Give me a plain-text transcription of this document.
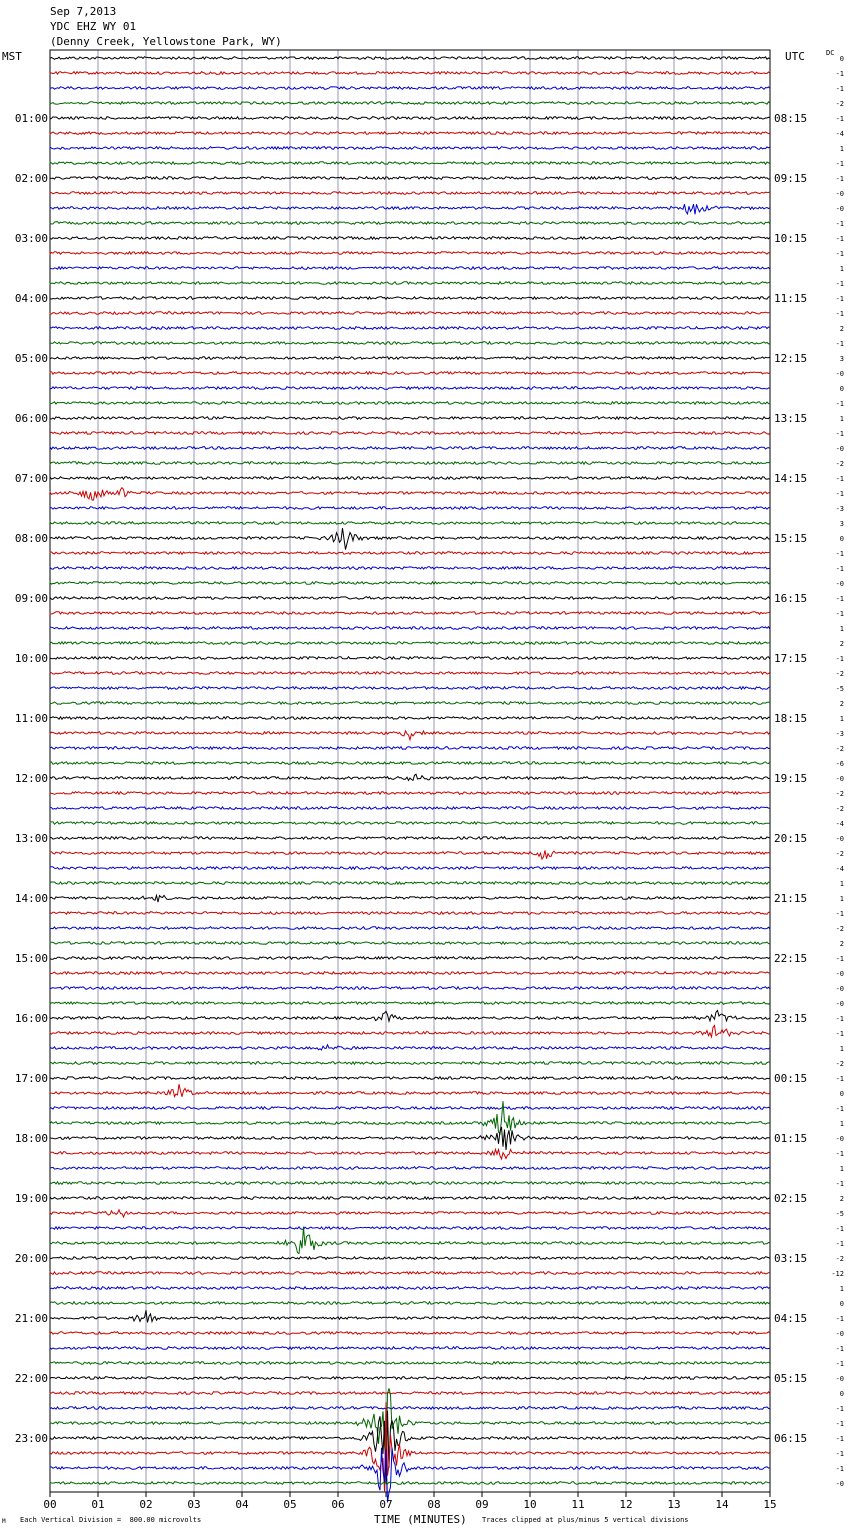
Sep 7,2013
YDC EHZ WY 01
(Denny Creek, Yellowstone Park, WY)
MST	UTC	DC
01:00
02:00
03:00
04:00
05:00
06:00
07:00
08:00
09:00
10:00
11:00
12:00
13:00
14:00
15:00
16:00
17:00
18:00
19:00
20:00
21:00
22:00
23:00
08:15
09:15
10:15
11:15
12:15
13:15
14:15
15:15
16:15
17:15
18:15
19:15
20:15
21:15
22:15
23:15
00:15
01:15
02:15
03:15
04:15
05:15
06:15
0
-1
-1
-2
-1
-4
1
-1
-1
-0
-0
-1
-1
-1
1
-1
-1
-1
2
-1
3
-0
0
-1
1
-1
-0
-2
-1
-1
-3
3
0
-1
-1
-0
-1
-1
1
2
-1
-2
-5
2
1
-3
-2
-6
-0
-2
-2
-4
-0
-2
-4
1
1
-1
-2
2
-1
-0
-0
-0
-1
-1
1
-2
-1
0
-1
1
-0
-1
1
-1
2
-5
-1
-1
-2
-12
1
0
-1
-0
-1
-1
-0
0
-1
-1
-1
-1
-1
-0
00	01	02	03	04	05	06	07	08	09	10	11	12	13	14	15
M Each Vertical Division =  800.00 microvolts	TIME (MINUTES) Traces clipped at plus/minus 5 vertical divisions
